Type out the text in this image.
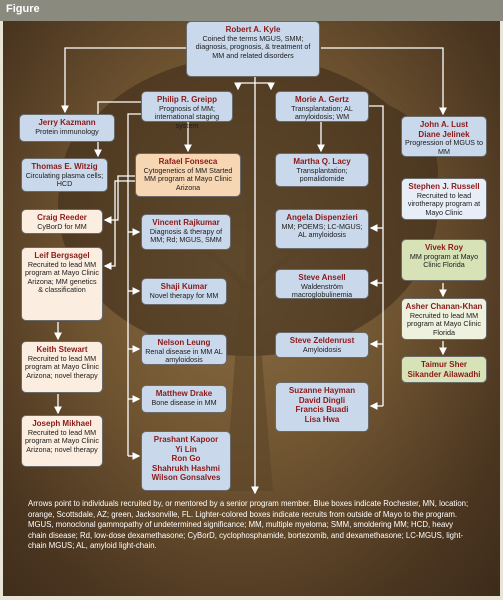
Figure
Robert A. Kyle
Coined the terms MGUS, SMM; diagnosis, prognosis, & treatment of MM and related disorders
Jerry Kazmann
Protein immunology
Philip R. Greipp
Prognosis of MM; international staging system
Morie A. Gertz
Transplantation; AL amyloidosis; WM
John A. Lust
Diane Jelinek
Progression of MGUS to MM
Thomas E. Witzig
Circulating plasma cells; HCD
Rafael Fonseca
Cytogenetics of MM Started MM program at Mayo Clinic Arizona
Martha Q. Lacy
Transplantation; pomalidomide
Stephen J. Russell
Recruited to lead virotherapy program at Mayo Clinic
Craig Reeder
CyBorD for MM	Vincent Rajkumar
Diagnosis & therapy of MM; Rd; MGUS, SMM
Angela Dispenzieri
MM; POEMS; LC-MGUS; AL amyloidosis
Vivek Roy
MM program at Mayo Clinic Florida
Leif Bergsagel
Recruited to lead MM program at Mayo Clinic Arizona; MM genetics & classification	Shaji Kumar
Novel therapy for MM
Steve Ansell
Waldenström macroglobulinemia
Asher Chanan-Khan
Recruited to lead MM program at Mayo Clinic Florida
Keith Stewart
Recruited to lead MM program at Mayo Clinic Arizona; novel therapy
Nelson Leung
Renal disease in MM AL amyloidosis
Steve Zeldenrust
Amyloidosis
Taimur Sher
Sikander Ailawadhi
Joseph Mikhael
Recruited to lead MM program at Mayo Clinic Arizona; novel therapy
Matthew Drake
Bone disease in MM
Suzanne Hayman
David Dingli
Francis Buadi
Lisa Hwa
Prashant Kapoor
Yi Lin
Ron Go
Shahrukh Hashmi
Wilson Gonsalves
Arrows point to individuals recruited by, or mentored by a senior program member. Blue boxes indicate Rochester, MN, location; orange, Scottsdale, AZ; green, Jacksonville, FL. Lighter-colored boxes indicate recruits from outside of Mayo to the program. MGUS, monoclonal gammopathy of undetermined significance; MM, multiple myeloma; SMM, smoldering MM; HCD, heavy chain disease; Rd, low-dose dexamethasone; CyBorD, cyclophosphamide, bortezomib, and dexamethasone; LC-MGUS, light-chain MGUS; AL, amyloid light-chain.
